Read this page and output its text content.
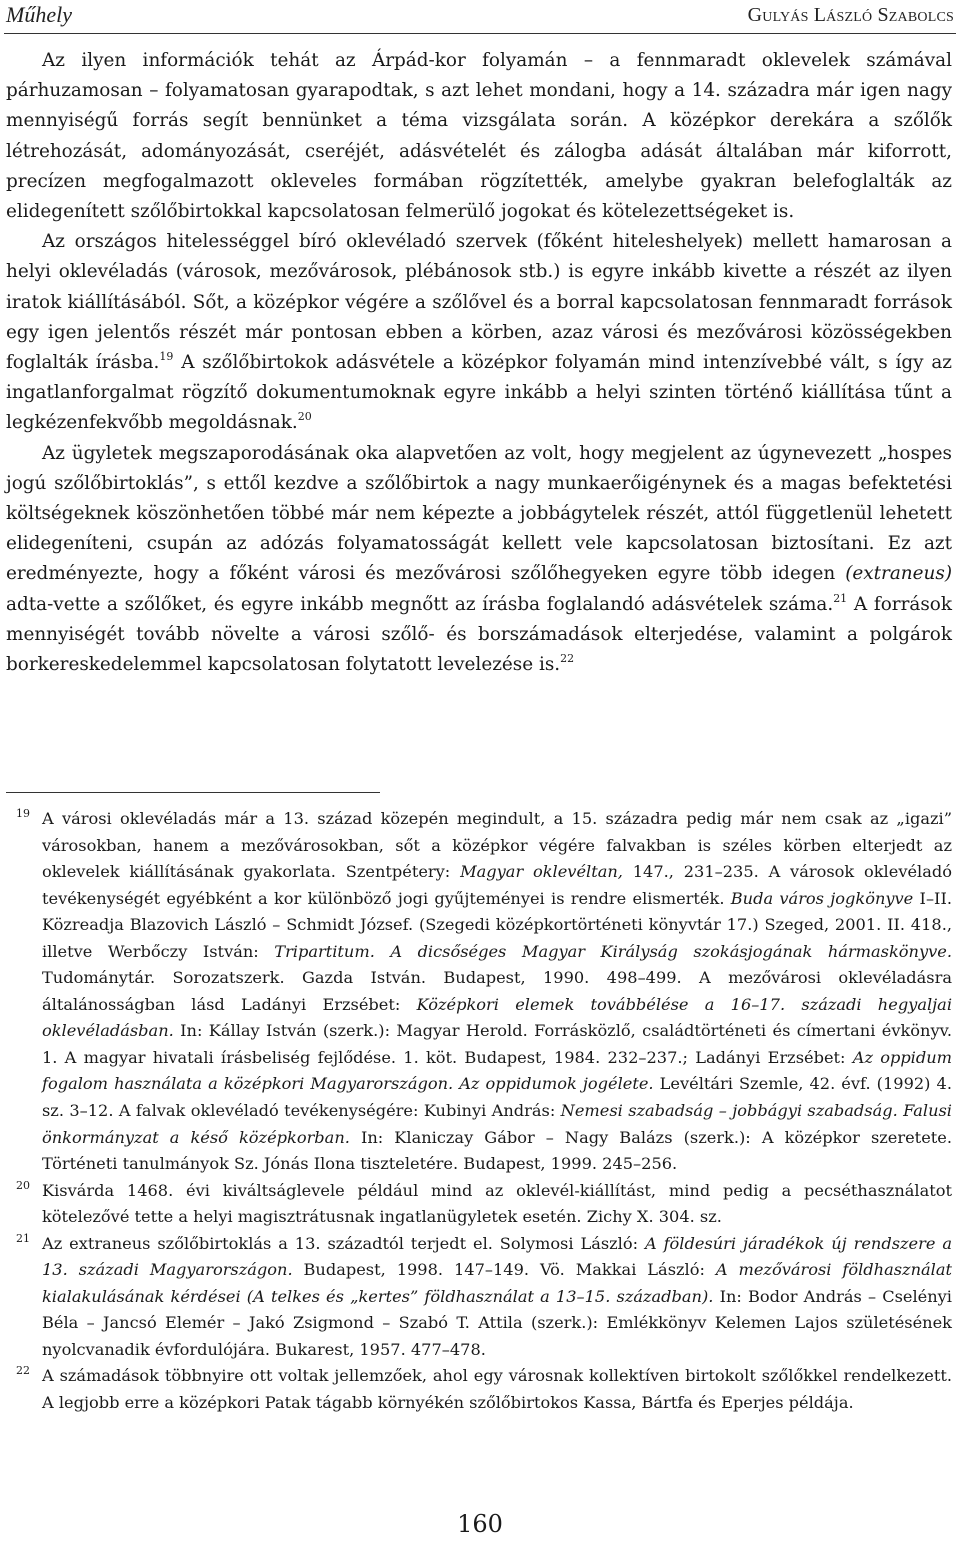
Műhely	Gulyás László Szabolcs

Az ilyen információk tehát az Árpád-kor folyamán – a fennmaradt oklevelek számával párhuzamosan – folyamatosan gyarapodtak, s azt lehet mondani, hogy a 14. századra már igen nagy mennyiségű forrás segít bennünket a téma vizsgálata során. A középkor derekára a szőlők létrehozását, adományozását, cseréjét, adásvételét és zálogba adását általában már kiforrott, precízen megfogalmazott okleveles formában rögzítették, amelybe gyakran belefoglalták az elidegenített szőlőbirtokkal kapcsolatosan felmerülő jogokat és kötelezettségeket is.

Az országos hitelességgel bíró oklevéladó szervek (főként hiteleshelyek) mellett hamarosan a helyi oklevéladás (városok, mezővárosok, plébánosok stb.) is egyre inkább kivette a részét az ilyen iratok kiállításából. Sőt, a középkor végére a szőlővel és a borral kapcsolatosan fennmaradt források egy igen jelentős részét már pontosan ebben a körben, azaz városi és mezővárosi közösségekben foglalták írásba.$^{19}$ A szőlőbirtokok adásvétele a középkor folyamán mind intenzívebbé vált, s így az ingatlanforgalmat rögzítő dokumentumoknak egyre inkább a helyi szinten történő kiállítása tűnt a legkézenfekvőbb megoldásnak.$^{20}$

Az ügyletek megszaporodásának oka alapvetően az volt, hogy megjelent az úgynevezett „hospes jogú szőlőbirtoklás”, s ettől kezdve a szőlőbirtok a nagy munkaerőigénynek és a magas befektetési költségeknek köszönhetően többé már nem képezte a jobbágytelek részét, attól függetlenül lehetett elidegeníteni, csupán az adózás folyamatosságát kellett vele kapcsolatosan biztosítani. Ez azt eredményezte, hogy a főként városi és mezővárosi szőlőhegyeken egyre több idegen (extraneus) adta-vette a szőlőket, és egyre inkább megnőtt az írásba foglalandó adásvételek száma.$^{21}$ A források mennyiségét tovább növelte a városi szőlő- és borszámadások elterjedése, valamint a polgárok borkereskedelemmel kapcsolatosan folytatott levelezése is.$^{22}$

19 A városi oklevéladás már a 13. század közepén megindult, a 15. századra pedig már nem csak az „igazi” városokban, hanem a mezővárosokban, sőt a középkor végére falvakban is széles körben elterjedt az oklevelek kiállításának gyakorlata. Szentpétery: Magyar oklevéltan, 147., 231–235. A városok oklevéladó tevékenységét egyébként a kor különböző jogi gyűjteményei is rendre elismerték. Buda város jogkönyve I–II. Közreadja Blazovich László – Schmidt József. (Szegedi középkortörténeti könyvtár 17.) Szeged, 2001. II. 418., illetve Werbőczy István: Tripartitum. A dicsőséges Magyar Királyság szokásjogának hármaskönyve. Tudománytár. Sorozatszerk. Gazda István. Budapest, 1990. 498–499. A mezővárosi oklevéladásra általánosságban lásd Ladányi Erzsébet: Középkori elemek továbbélése a 16–17. századi hegyaljai oklevéladásban. In: Kállay István (szerk.): Magyar Herold. Forrásközlő, családtörténeti és címertani évkönyv. 1. A magyar hivatali írásbeliség fejlődése. 1. köt. Budapest, 1984. 232–237.; Ladányi Erzsébet: Az oppidum fogalom használata a középkori Magyarországon. Az oppidumok jogélete. Levéltári Szemle, 42. évf. (1992) 4. sz. 3–12. A falvak oklevéladó tevékenységére: Kubinyi András: Nemesi szabadság – jobbágyi szabadság. Falusi önkormányzat a késő középkorban. In: Klaniczay Gábor – Nagy Balázs (szerk.): A középkor szeretete. Történeti tanulmányok Sz. Jónás Ilona tiszteletére. Budapest, 1999. 245–256.
20 Kisvárda 1468. évi kiváltságlevele például mind az oklevél-kiállítást, mind pedig a pecséthasználatot kötelezővé tette a helyi magisztrátusnak ingatlanügyletek esetén. Zichy X. 304. sz.
21 Az extraneus szőlőbirtoklás a 13. századtól terjedt el. Solymosi László: A földesúri járadékok új rendszere a 13. századi Magyarországon. Budapest, 1998. 147–149. Vö. Makkai László: A mezővárosi földhasználat kialakulásának kérdései (A telkes és „kertes” földhasználat a 13–15. században). In: Bodor András – Cselényi Béla – Jancsó Elemér – Jakó Zsigmond – Szabó T. Attila (szerk.): Emlékkönyv Kelemen Lajos születésének nyolcvanadik évfordulójára. Bukarest, 1957. 477–478.
22 A számadások többnyire ott voltak jellemzőek, ahol egy városnak kollektíven birtokolt szőlőkkel rendelkezett. A legjobb erre a középkori Patak tágabb környékén szőlőbirtokos Kassa, Bártfa és Eperjes példája.
160
